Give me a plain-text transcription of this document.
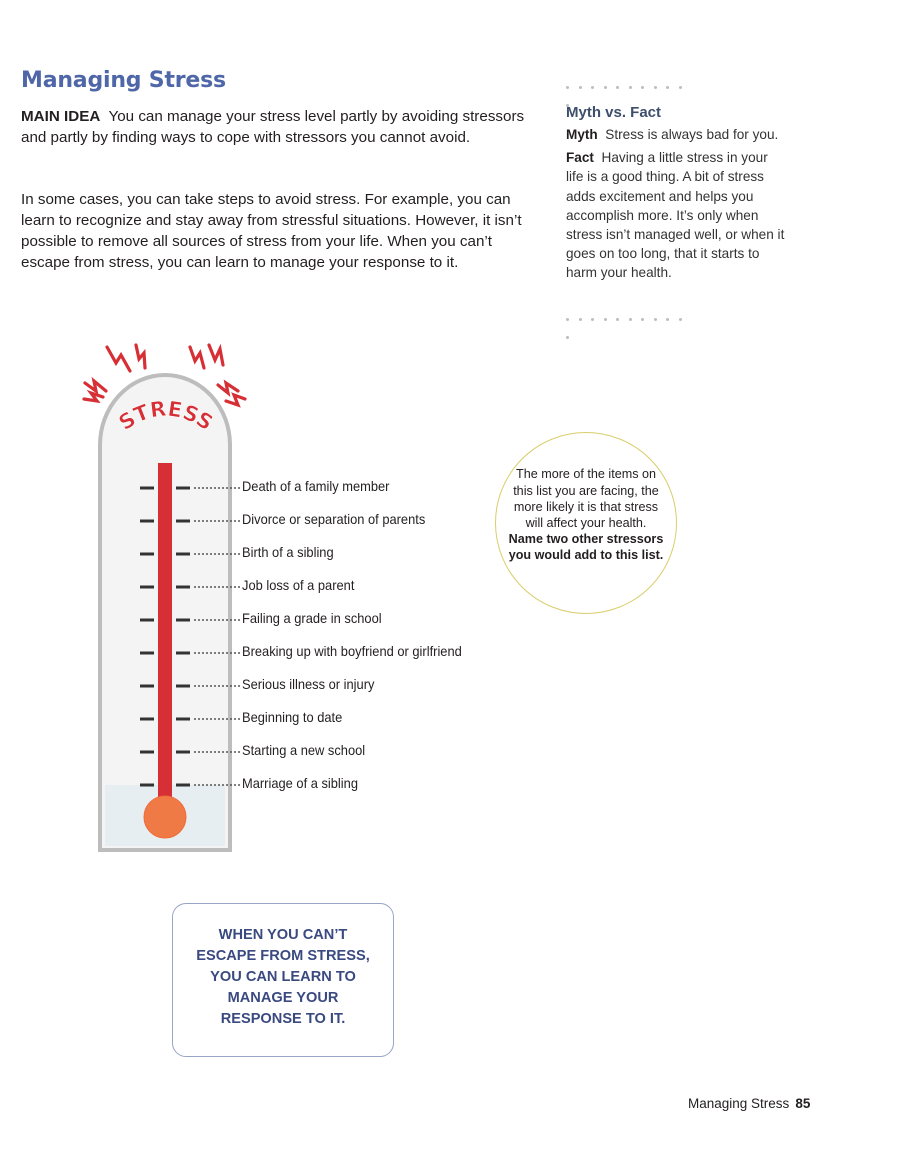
Managing Stress

MAIN IDEA You can manage your stress level partly by avoiding stressors and partly by finding ways to cope with stressors you cannot avoid.

In some cases, you can take steps to avoid stress. For example, you can learn to recognize and stay away from stressful situations. However, it isn’t possible to remove all sources of stress from your life. When you can’t escape from stress, you can learn to manage your response to it.

Myth vs. Fact

Myth Stress is always bad for you.

Fact Having a little stress in your life is a good thing. A bit of stress adds excitement and helps you accomplish more. It’s only when stress isn’t managed well, or when it goes on too long, that it starts to harm your health.

STRESS
Death of a family member
Divorce or separation of parents
Birth of a sibling
Job loss of a parent
Failing a grade in school
Breaking up with boyfriend or girlfriend
Serious illness or injury
Beginning to date
Starting a new school
Marriage of a sibling
The more of the items on this list you are facing, the more likely it is that stress will affect your health. Name two other stressors you would add to this list.

WHEN YOU CAN’T ESCAPE FROM STRESS, YOU CAN LEARN TO MANAGE YOUR RESPONSE TO IT.

Managing Stress 85
